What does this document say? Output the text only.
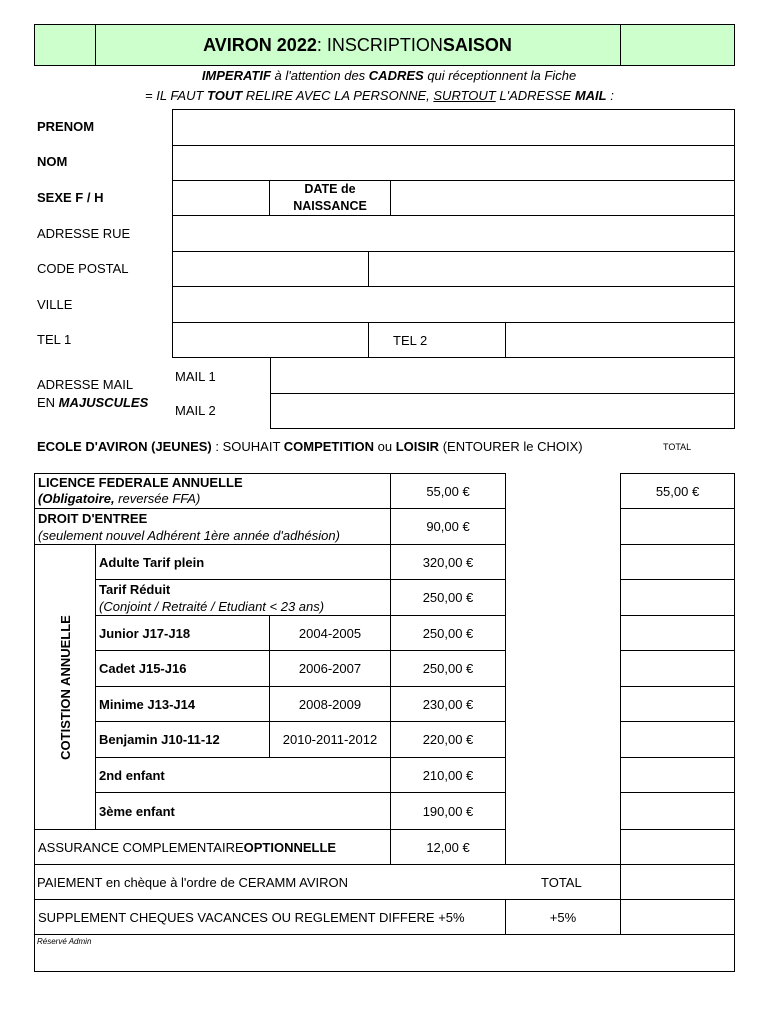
AVIRON 2022 : INSCRIPTION SAISON
IMPERATIF à l'attention des CADRES qui réceptionnent la Fiche
= IL FAUT TOUT RELIRE AVEC LA PERSONNE, SURTOUT L'ADRESSE MAIL :
PRENOM
NOM
SEXE F / H
DATE de
NAISSANCE
ADRESSE RUE
CODE POSTAL
VILLE
TEL 1	TEL 2
ADRESSE MAIL
EN MAJUSCULES
MAIL 1
MAIL 2
ECOLE D'AVIRON (JEUNES) : SOUHAIT COMPETITION ou LOISIR (ENTOURER le CHOIX)	TOTAL
LICENCE FEDERALE ANNUELLE
(Obligatoire, reversée FFA)	55,00 €	55,00 €
DROIT D'ENTREE
(seulement nouvel Adhérent 1ère année d'adhésion)
90,00 €
COTISTION ANNUELLE
Adulte Tarif plein	320,00 €
Tarif Réduit
(Conjoint / Retraité / Etudiant < 23 ans)
250,00 €
Junior J17-J18	2004-2005	250,00 €
Cadet J15-J16	2006-2007	250,00 €
Minime J13-J14	2008-2009	230,00 €
Benjamin J10-11-12	2010-2011-2012	220,00 €
2nd enfant	210,00 €
3ème enfant	190,00 €
ASSURANCE COMPLEMENTAIRE OPTIONNELLE	12,00 €
PAIEMENT en chèque à l'ordre de CERAMM AVIRON	TOTAL
SUPPLEMENT CHEQUES VACANCES OU REGLEMENT DIFFERE +5%	+5%
Réservé Admin
